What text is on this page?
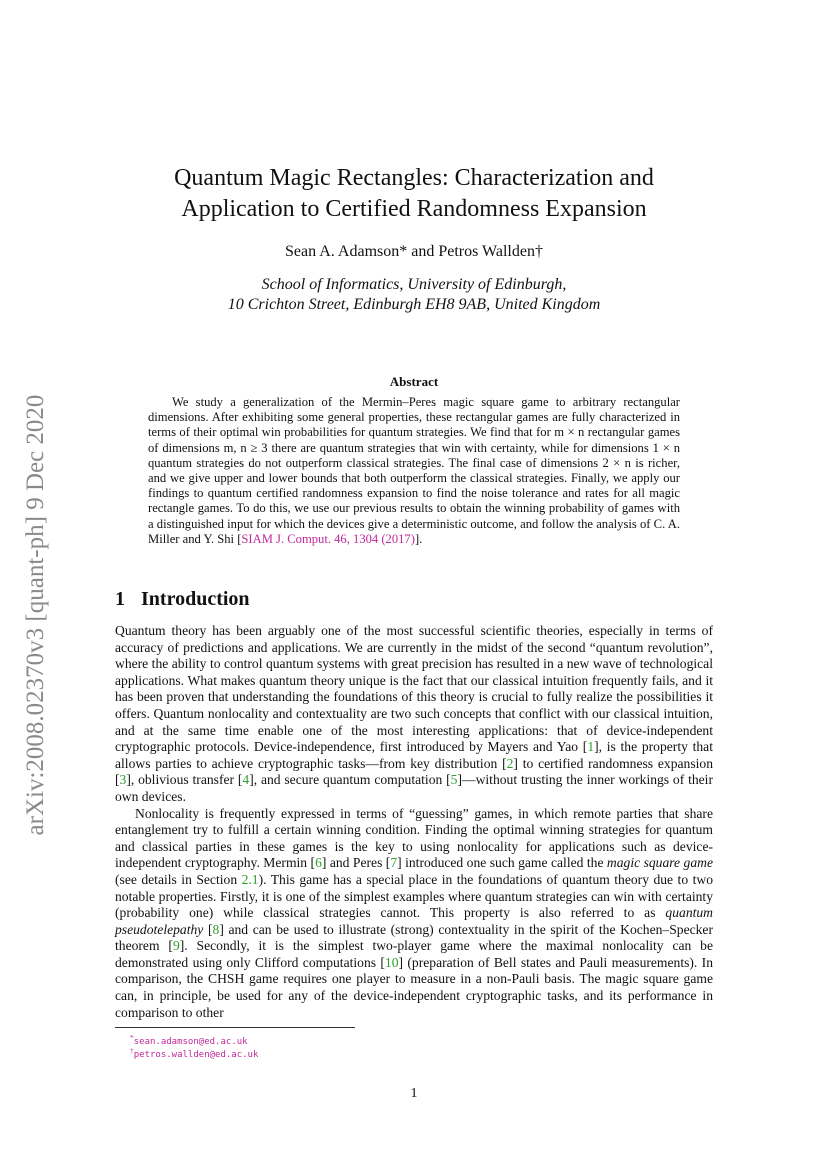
arXiv:2008.02370v3 [quant-ph] 9 Dec 2020
Quantum Magic Rectangles: Characterization and
Application to Certified Randomness Expansion
Sean A. Adamson* and Petros Wallden†
School of Informatics, University of Edinburgh,
10 Crichton Street, Edinburgh EH8 9AB, United Kingdom
Abstract

We study a generalization of the Mermin–Peres magic square game to arbitrary rectangular dimensions. After exhibiting some general properties, these rectangular games are fully characterized in terms of their optimal win probabilities for quantum strategies. We find that for m × n rectangular games of dimensions m, n ≥ 3 there are quantum strategies that win with certainty, while for dimensions 1 × n quantum strategies do not outperform classical strategies. The final case of dimensions 2 × n is richer, and we give upper and lower bounds that both outperform the classical strategies. Finally, we apply our findings to quantum certified randomness expansion to find the noise tolerance and rates for all magic rectangle games. To do this, we use our previous results to obtain the winning probability of games with a distinguished input for which the devices give a deterministic outcome, and follow the analysis of C. A. Miller and Y. Shi [SIAM J. Comput. 46, 1304 (2017)].

1 Introduction

Quantum theory has been arguably one of the most successful scientific theories, especially in terms of accuracy of predictions and applications. We are currently in the midst of the second “quantum revolution”, where the ability to control quantum systems with great precision has resulted in a new wave of technological applications. What makes quantum theory unique is the fact that our classical intuition frequently fails, and it has been proven that understanding the foundations of this theory is crucial to fully realize the possibilities it offers. Quantum nonlocality and contextuality are two such concepts that conflict with our classical intuition, and at the same time enable one of the most interesting applications: that of device-independent cryptographic protocols. Device-independence, first introduced by Mayers and Yao [1], is the property that allows parties to achieve cryptographic tasks—from key distribution [2] to certified randomness expansion [3], oblivious transfer [4], and secure quantum computation [5]—without trusting the inner workings of their own devices.

Nonlocality is frequently expressed in terms of “guessing” games, in which remote parties that share entanglement try to fulfill a certain winning condition. Finding the optimal winning strategies for quantum and classical parties in these games is the key to using nonlocality for applications such as device-independent cryptography. Mermin [6] and Peres [7] introduced one such game called the magic square game (see details in Section 2.1). This game has a special place in the foundations of quantum theory due to two notable properties. Firstly, it is one of the simplest examples where quantum strategies can win with certainty (probability one) while classical strategies cannot. This property is also referred to as quantum pseudotelepathy [8] and can be used to illustrate (strong) contextuality in the spirit of the Kochen–Specker theorem [9]. Secondly, it is the simplest two-player game where the maximal nonlocality can be demonstrated using only Clifford computations [10] (preparation of Bell states and Pauli measurements). In comparison, the CHSH game requires one player to measure in a non-Pauli basis. The magic square game can, in principle, be used for any of the device-independent cryptographic tasks, and its performance in comparison to other

*sean.adamson@ed.ac.uk
†petros.wallden@ed.ac.uk
1
